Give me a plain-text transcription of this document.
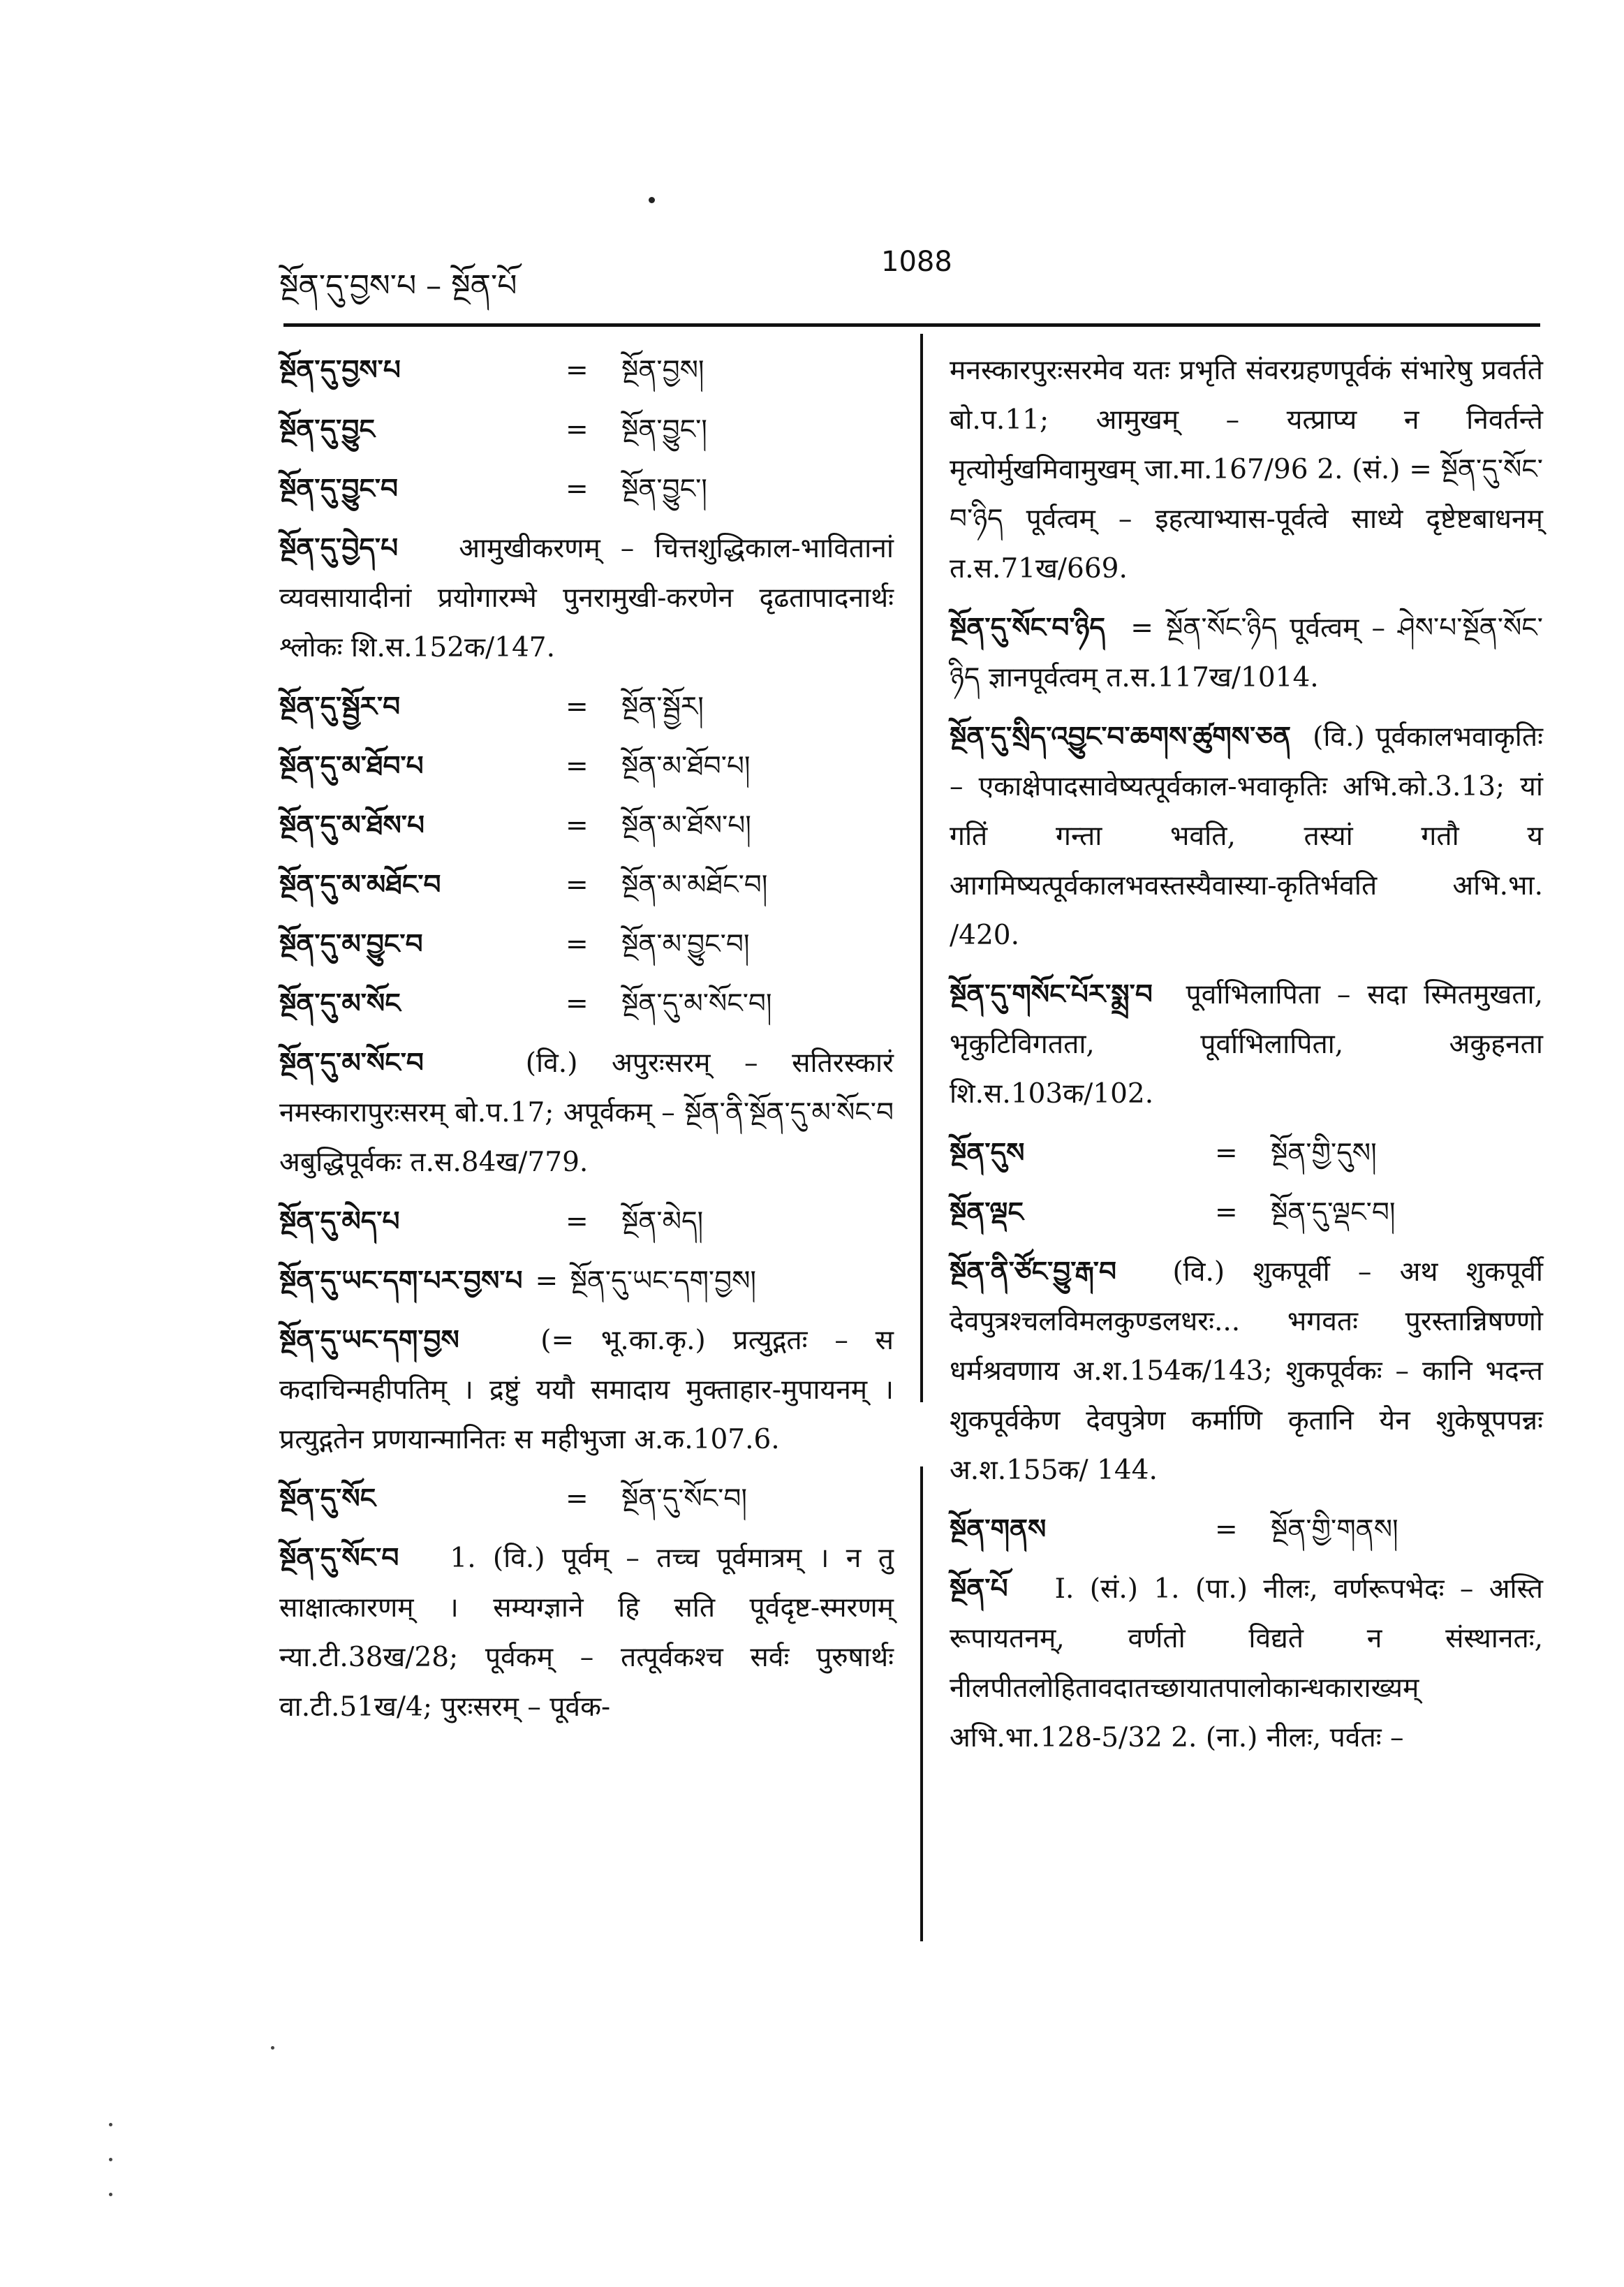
སྔོན་དུ་བྱས་པ – སྔོན་པོ
1088
སྔོན་དུ་བྱས་པ	=	སྔོན་བྱས།
སྔོན་དུ་བྱུང	=	སྔོན་བྱུང་།
སྔོན་དུ་བྱུང་བ	=	སྔོན་བྱུང་།
སྔོན་དུ་བྱེད་པ आमुखीकरणम् – चित्तशुद्धिकाल-भावितानां व्यवसायादीनां प्रयोगारम्भे पुनरामुखी-करणेन दृढतापादनार्थः श्लोकः शि.स.152क/147.
སྔོན་དུ་སྦྱོར་བ	=	སྔོན་སྦྱོར།
སྔོན་དུ་མ་ཐོབ་པ	=	སྔོན་མ་ཐོབ་པ།
སྔོན་དུ་མ་ཐོས་པ	=	སྔོན་མ་ཐོས་པ།
སྔོན་དུ་མ་མཐོང་བ	=	སྔོན་མ་མཐོང་བ།
སྔོན་དུ་མ་བྱུང་བ	=	སྔོན་མ་བྱུང་བ།
སྔོན་དུ་མ་སོང	=	སྔོན་དུ་མ་སོང་བ།
སྔོན་དུ་མ་སོང་བ	(वि.) अपुरःसरम् – सतिरस्कारं नमस्कारापुरःसरम् बो.प.17; अपूर्वकम् – སྔོན་ནི་སྔོན་དུ་མ་སོང་བ अबुद्धिपूर्वकः त.स.84ख/779.
སྔོན་དུ་མེད་པ	=	སྔོན་མེད།
སྔོན་དུ་ཡང་དག་པར་བྱས་པ = སྔོན་དུ་ཡང་དག་བྱས།
སྔོན་དུ་ཡང་དག་བྱས	(= भू.का.कृ.) प्रत्युद्गतः – स कदाचिन्महीपतिम् । द्रष्टुं ययौ समादाय मुक्ताहार-मुपायनम् । प्रत्युद्गतेन प्रणयान्मानितः स महीभुजा अ.क.107.6.
སྔོན་དུ་སོང	=	སྔོན་དུ་སོང་བ།
སྔོན་དུ་སོང་བ 1. (वि.) पूर्वम् – तच्च पूर्वमात्रम् । न तु साक्षात्कारणम् । सम्यग्ज्ञाने हि सति पूर्वदृष्ट-स्मरणम् न्या.टी.38ख/28; पूर्वकम् – तत्पूर्वकश्च सर्वः पुरुषार्थः वा.टी.51ख/4; पुरःसरम् – पूर्वक-
मनस्कारपुरःसरमेव यतः प्रभृति संवरग्रहणपूर्वकं संभारेषु प्रवर्तते बो.प.11; आमुखम् – यत्प्राप्य न निवर्तन्ते मृत्योर्मुखमिवामुखम् जा.मा.167/96 2. (सं.) = སྔོན་དུ་སོང་བ་ཉིད पूर्वत्वम् – इहत्याभ्यास-पूर्वत्वे साध्ये दृष्टेष्टबाधनम् त.स.71ख/669.
སྔོན་དུ་སོང་བ་ཉིད = སྔོན་སོང་ཉིད पूर्वत्वम् – ཤེས་པ་སྔོན་སོང་ཉིད ज्ञानपूर्वत्वम् त.स.117ख/1014.
སྔོན་དུ་སྲིད་འབྱུང་བ་ཆགས་ཚུགས་ཅན (वि.) पूर्वकालभवाकृतिः – एकाक्षेपादसावेष्यत्पूर्वकाल-भवाकृतिः अभि.को.3.13; यां गतिं गन्ता भवति, तस्यां गतौ य आगमिष्यत्पूर्वकालभवस्तस्यैवास्या-कृतिर्भवति अभि.भा. /420.
སྔོན་དུ་གསོང་པོར་སྨྲ་བ पूर्वाभिलापिता – सदा स्मितमुखता, भृकुटिविगतता, पूर्वाभिलापिता, अकुहनता शि.स.103क/102.
སྔོན་དུས	=	སྔོན་གྱི་དུས།
སྔོན་ལྡང	=	སྔོན་དུ་ལྡང་བ།
སྔོན་ནི་ཙོང་བྱུ་རྒ་བ (वि.) शुकपूर्वी – अथ शुकपूर्वी देवपुत्रश्चलविमलकुण्डलधरः... भगवतः पुरस्तान्निषण्णो धर्मश्रवणाय अ.श.154क/143; शुकपूर्वकः – कानि भदन्त शुकपूर्वकेण देवपुत्रेण कर्माणि कृतानि येन शुकेषूपपन्नः अ.श.155क/ 144.
སྔོན་གནས	=	སྔོན་གྱི་གནས།
སྔོན་པོ I. (सं.) 1. (पा.) नीलः, वर्णरूपभेदः – अस्ति रूपायतनम्, वर्णतो विद्यते न संस्थानतः, नीलपीतलोहितावदातच्छायातपालोकान्धकाराख्यम् अभि.भा.128-5/32 2. (ना.) नीलः, पर्वतः –
